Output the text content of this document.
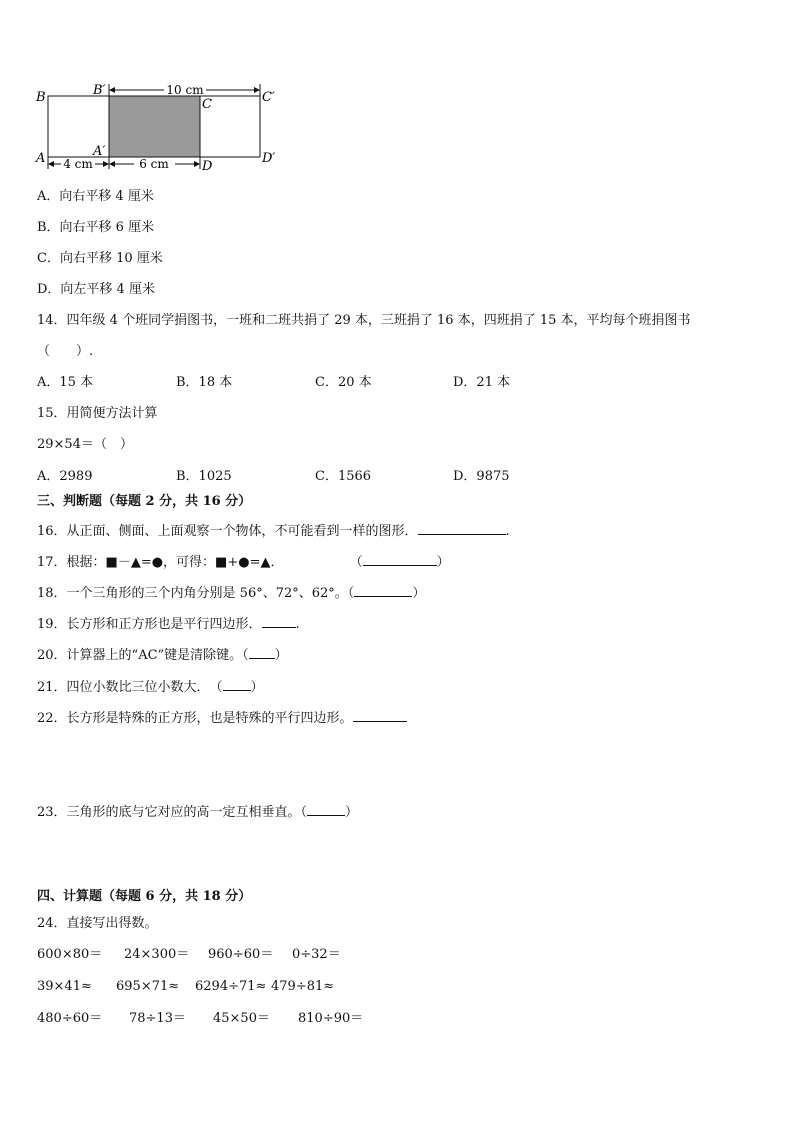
10 cm
4 cm	6 cm
B	B′
C	C′
A	A′
D
D′
A．向右平移 4 厘米
B．向右平移 6 厘米
C．向右平移 10 厘米
D．向左平移 4 厘米
14．四年级 4 个班同学捐图书，一班和二班共捐了 29 本，三班捐了 16 本，四班捐了 15 本，平均每个班捐图书
（　　）.
A．15 本	B．18 本	C．20 本	D．21 本
15．用简便方法计算
29×54＝（　）
A．2989	B．1025	C．1566	D．9875
三、判断题（每题 2 分，共 16 分）
16．从正面、侧面、上面观察一个物体，不可能看到一样的图形．	.
17．根据：■－▲=●，可得：■+●=▲．                （	）
18．一个三角形的三个内角分别是 56°、72°、62°。（	）
19．长方形和正方形也是平行四边形．	.
20．计算器上的“AC”键是清除键。（ ）
21．四位小数比三位小数大．　（ ）
22．长方形是特殊的正方形，也是特殊的平行四边形。
23．三角形的底与它对应的高一定互相垂直。（	）
四、计算题（每题 6 分，共 18 分）
24．直接写出得数。
600×80＝ 24×300＝ 960÷60＝ 0÷32＝
39×41≈ 695×71≈ 6294÷71≈ 479÷81≈
480÷60＝ 78÷13＝ 45×50＝ 810÷90＝
